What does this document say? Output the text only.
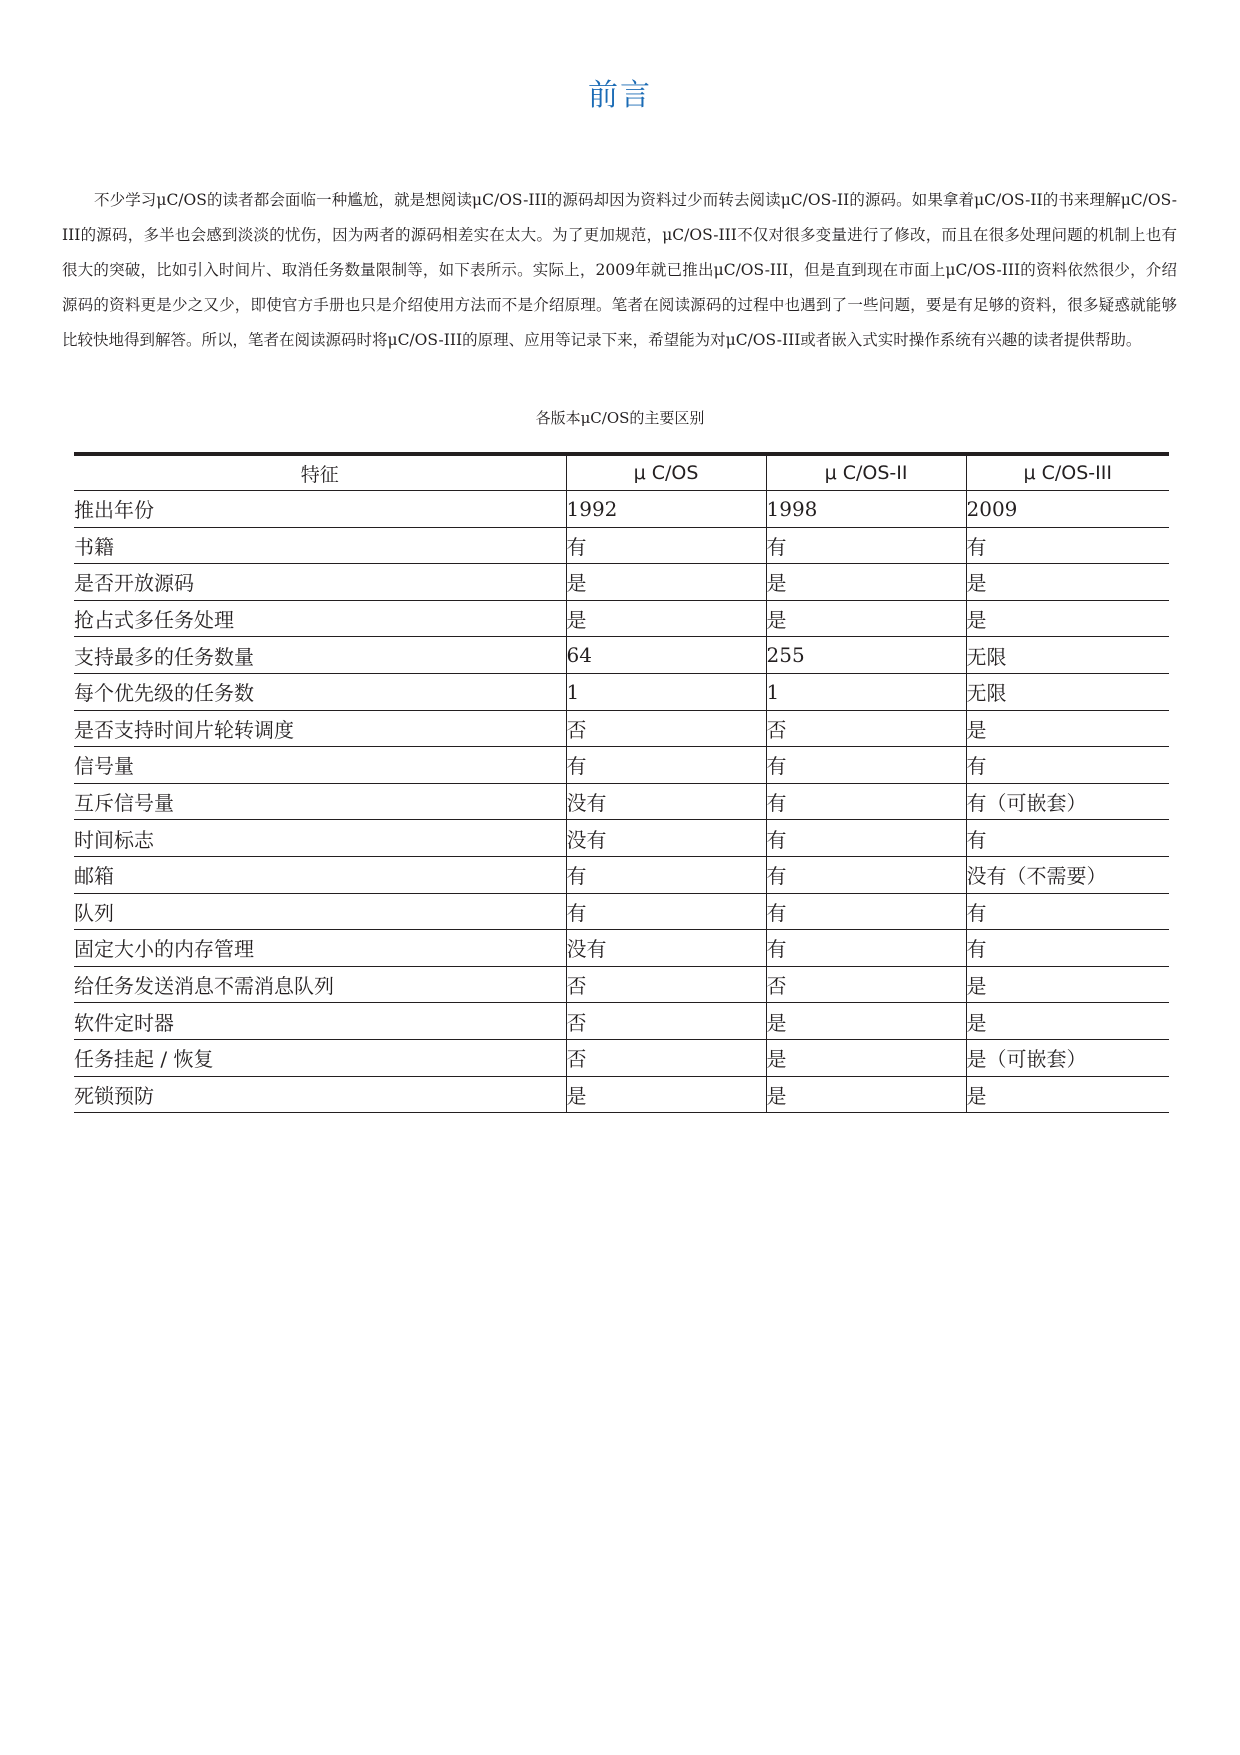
前言

不少学习μC/OS的读者都会面临一种尴尬，就是想阅读μC/OS-III的源码却因为资料过少而转去阅读μC/OS-II的源码。如果拿着μC/OS-II的书来理解μC/OS-III的源码，多半也会感到淡淡的忧伤，因为两者的源码相差实在太大。为了更加规范，μC/OS-III不仅对很多变量进行了修改，而且在很多处理问题的机制上也有很大的突破，比如引入时间片、取消任务数量限制等，如下表所示。实际上，2009年就已推出μC/OS-III，但是直到现在市面上μC/OS-III的资料依然很少，介绍源码的资料更是少之又少，即使官方手册也只是介绍使用方法而不是介绍原理。笔者在阅读源码的过程中也遇到了一些问题，要是有足够的资料，很多疑惑就能够比较快地得到解答。所以，笔者在阅读源码时将μC/OS-III的原理、应用等记录下来，希望能为对μC/OS-III或者嵌入式实时操作系统有兴趣的读者提供帮助。

各版本μC/OS的主要区别
特征	μ C/OS	μ C/OS-II	μ C/OS-III
推出年份	1992	1998	2009
书籍	有	有	有
是否开放源码	是	是	是
抢占式多任务处理	是	是	是
支持最多的任务数量	64	255	无限
每个优先级的任务数	1	1	无限
是否支持时间片轮转调度	否	否	是
信号量	有	有	有
互斥信号量	没有	有	有（可嵌套）
时间标志	没有	有	有
邮箱	有	有	没有（不需要）
队列	有	有	有
固定大小的内存管理	没有	有	有
给任务发送消息不需消息队列	否	否	是
软件定时器	否	是	是
任务挂起 / 恢复	否	是	是（可嵌套）
死锁预防	是	是	是
